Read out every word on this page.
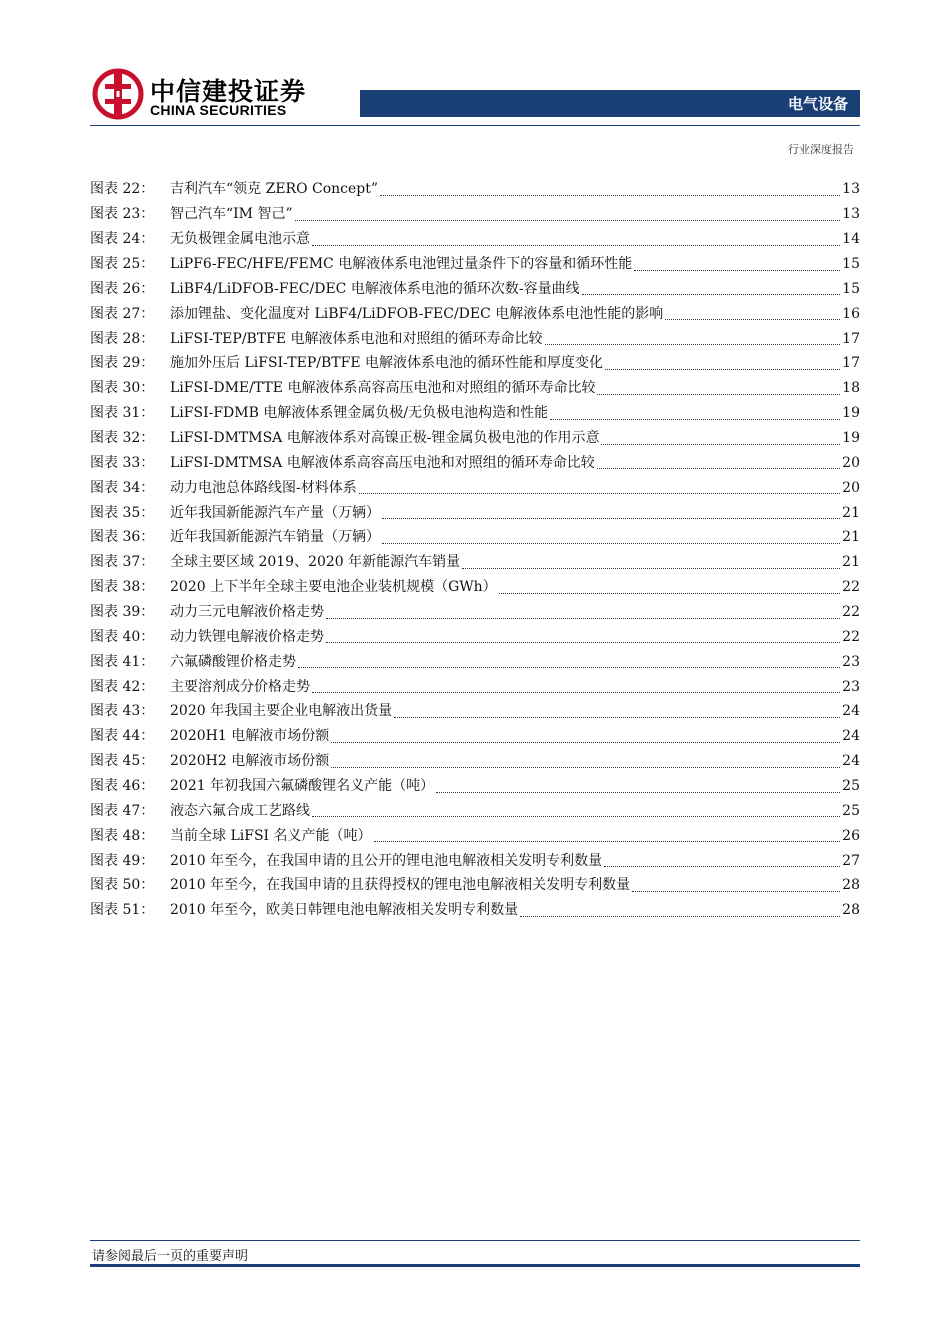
中信建投证券
CHINA SECURITIES	电气设备
行业深度报告
图表 22：	吉利汽车“领克 ZERO Concept”	13
图表 23：	智己汽车“IM 智己”	13
图表 24：	无负极锂金属电池示意	14
图表 25：	LiPF6-FEC/HFE/FEMC 电解液体系电池锂过量条件下的容量和循环性能	15
图表 26：	LiBF4/LiDFOB-FEC/DEC 电解液体系电池的循环次数-容量曲线	15
图表 27：	添加锂盐、变化温度对 LiBF4/LiDFOB-FEC/DEC 电解液体系电池性能的影响	16
图表 28：	LiFSI-TEP/BTFE 电解液体系电池和对照组的循环寿命比较	17
图表 29：	施加外压后 LiFSI-TEP/BTFE 电解液体系电池的循环性能和厚度变化	17
图表 30：	LiFSI-DME/TTE 电解液体系高容高压电池和对照组的循环寿命比较	18
图表 31：	LiFSI-FDMB 电解液体系锂金属负极/无负极电池构造和性能	19
图表 32：	LiFSI-DMTMSA 电解液体系对高镍正极-锂金属负极电池的作用示意	19
图表 33：	LiFSI-DMTMSA 电解液体系高容高压电池和对照组的循环寿命比较	20
图表 34：	动力电池总体路线图-材料体系	20
图表 35：	近年我国新能源汽车产量（万辆）	21
图表 36：	近年我国新能源汽车销量（万辆）	21
图表 37：	全球主要区域 2019、2020 年新能源汽车销量	21
图表 38：	2020 上下半年全球主要电池企业装机规模（GWh）	22
图表 39：	动力三元电解液价格走势	22
图表 40：	动力铁锂电解液价格走势	22
图表 41：	六氟磷酸锂价格走势	23
图表 42：	主要溶剂成分价格走势	23
图表 43：	2020 年我国主要企业电解液出货量	24
图表 44：	2020H1 电解液市场份额	24
图表 45：	2020H2 电解液市场份额	24
图表 46：	2021 年初我国六氟磷酸锂名义产能（吨）	25
图表 47：	液态六氟合成工艺路线	25
图表 48：	当前全球 LiFSI 名义产能（吨）	26
图表 49：	2010 年至今，在我国申请的且公开的锂电池电解液相关发明专利数量	27
图表 50：	2010 年至今，在我国申请的且获得授权的锂电池电解液相关发明专利数量	28
图表 51：	2010 年至今，欧美日韩锂电池电解液相关发明专利数量	28
请参阅最后一页的重要声明
